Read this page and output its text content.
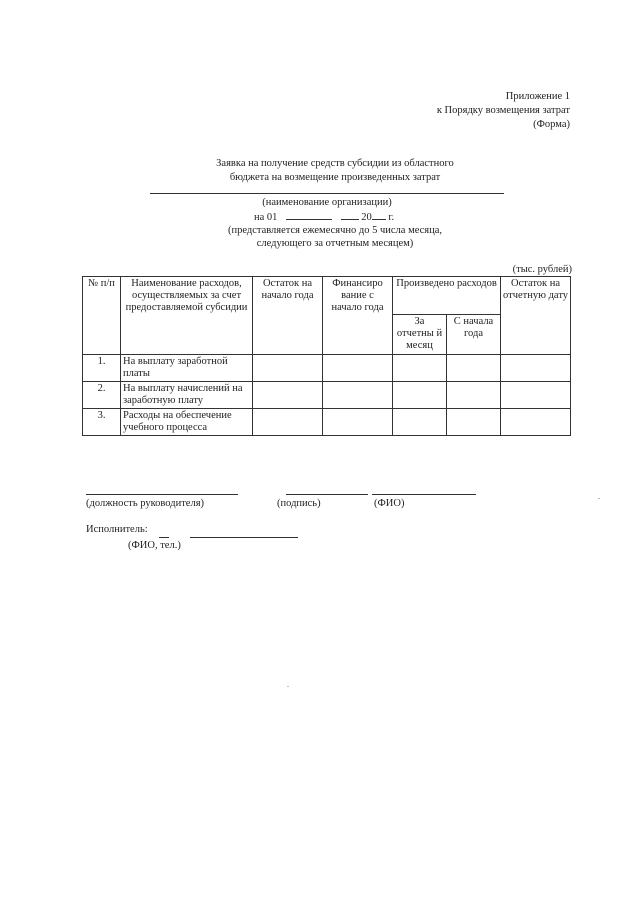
Приложение 1
к Порядку возмещения затрат
(Форма)
Заявка на получение средств субсидии из областного
бюджета на возмещение произведенных затрат
(наименование организации)
на 01	20 г.
(представляется ежемесячно до 5 числа месяца,
следующего за отчетным месяцем)
(тыс. рублей)
№ п/п	Наименование расходов, осуществляемых за счет предоставляемой субсидии	Остаток на начало года	Финансиро вание с начало года	Произведено расходов		Остаток на отчетную дату
				За отчетны й месяц	С начала года	
1.	На выплату заработной платы					
2.	На выплату начислений на заработную плату					
3.	Расходы на обеспечение учебного процесса					
(должность руководителя)	(подпись)	(ФИО)
Исполнитель:
(ФИО, тел.)
